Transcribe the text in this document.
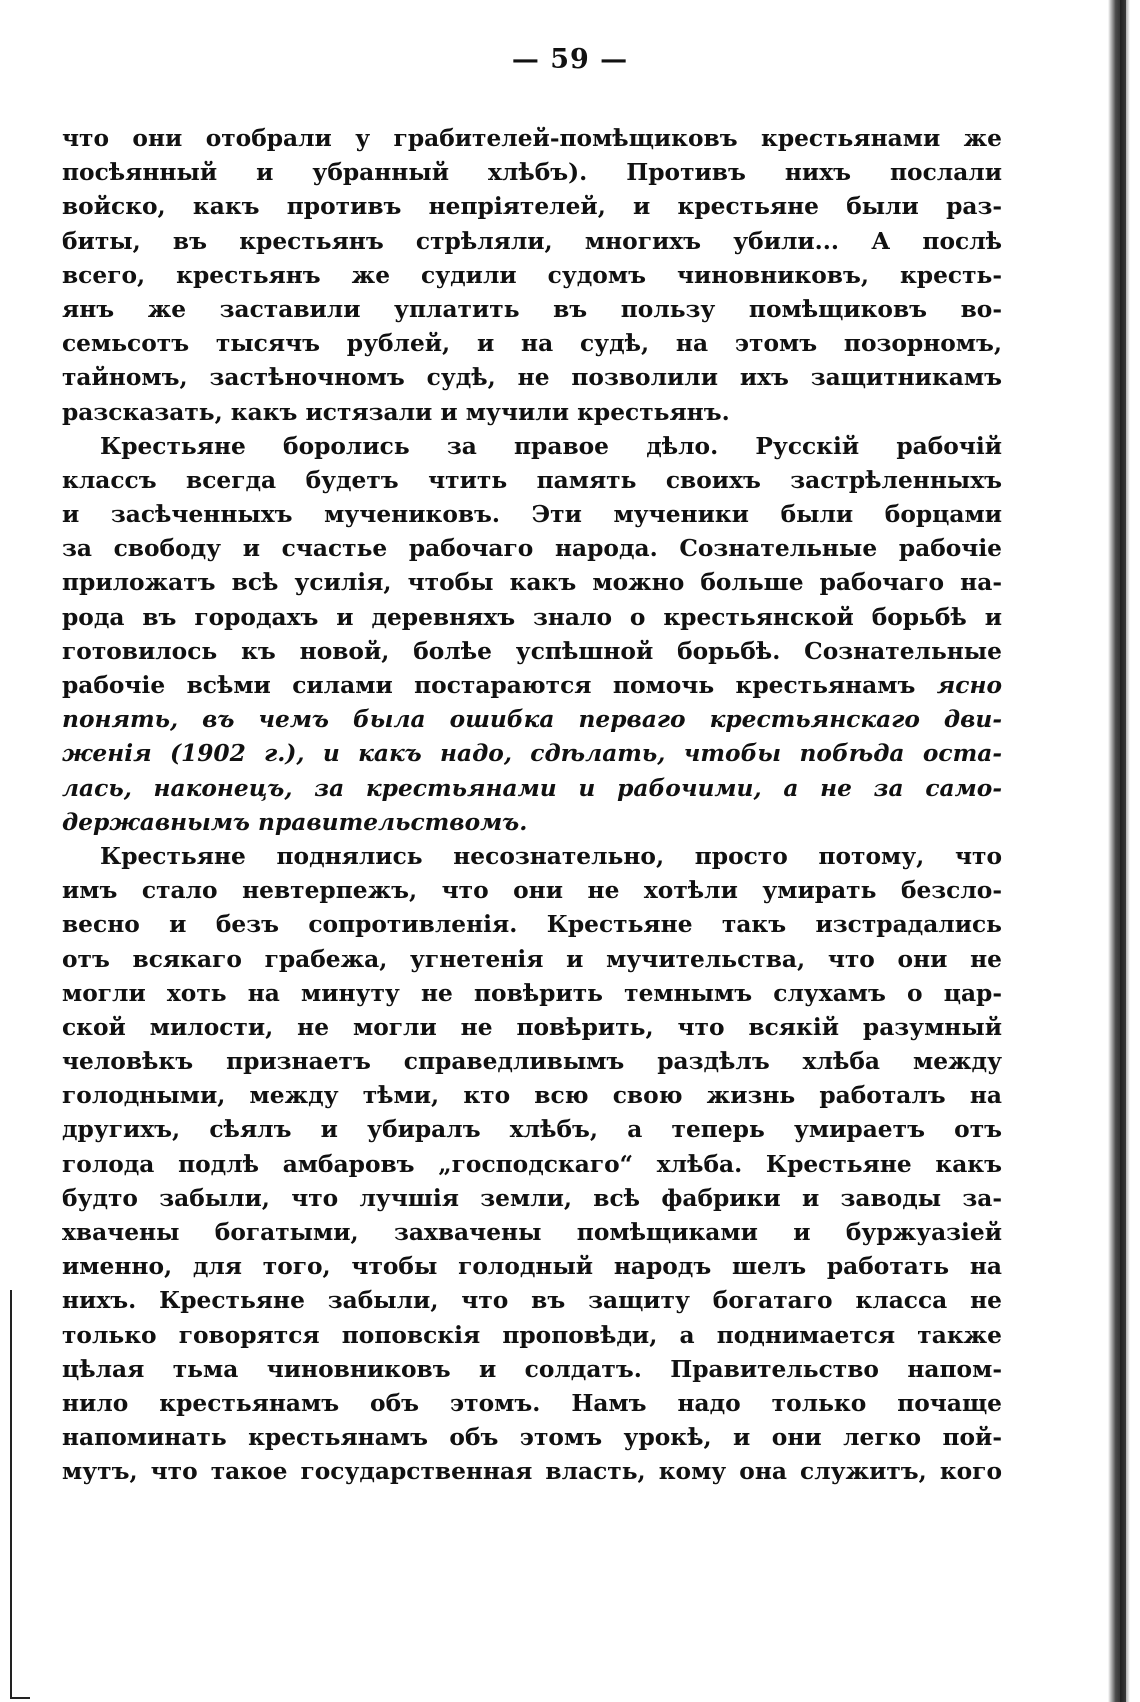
— 59 —
что они отобрали у грабителей-помѣщиковъ крестьянами же
посѣянный и убранный хлѣбъ). Противъ нихъ послали
войско, какъ противъ непріятелей, и крестьяне были раз-
биты, въ крестьянъ стрѣляли, многихъ убили... А послѣ
всего, крестьянъ же судили судомъ чиновниковъ, кресть-
янъ же заставили уплатить въ пользу помѣщиковъ во-
семьсотъ тысячъ рублей, и на судѣ, на этомъ позорномъ,
тайномъ, застѣночномъ судѣ, не позволили ихъ защитникамъ
разсказать, какъ истязали и мучили крестьянъ.
Крестьяне боролись за правое дѣло. Русскій рабочій
классъ всегда будетъ чтить память своихъ застрѣленныхъ
и засѣченныхъ мучениковъ. Эти мученики были борцами
за свободу и счастье рабочаго народа. Сознательные рабочіе
приложатъ всѣ усилія, чтобы какъ можно больше рабочаго на-
рода въ городахъ и деревняхъ знало о крестьянской борьбѣ и
готовилось къ новой, болѣе успѣшной борьбѣ. Сознательные
рабочіе всѣми силами постараются помочь крестьянамъ ясно
понять, въ чемъ была ошибка перваго крестьянскаго дви-
женія (1902 г.), и какъ надо, сдѣлать, чтобы побѣда оста-
лась, наконецъ, за крестьянами и рабочими, а не за само-
державнымъ правительствомъ.
Крестьяне поднялись несознательно, просто потому, что
имъ стало невтерпежъ, что они не хотѣли умирать безсло-
весно и безъ сопротивленія. Крестьяне такъ изстрадались
отъ всякаго грабежа, угнетенія и мучительства, что они не
могли хоть на минуту не повѣрить темнымъ слухамъ о цар-
ской милости, не могли не повѣрить, что всякій разумный
человѣкъ признаетъ справедливымъ раздѣлъ хлѣба между
голодными, между тѣми, кто всю свою жизнь работалъ на
другихъ, сѣялъ и убиралъ хлѣбъ, а теперь умираетъ отъ
голода подлѣ амбаровъ „господскаго“ хлѣба. Крестьяне какъ
будто забыли, что лучшія земли, всѣ фабрики и заводы за-
хвачены богатыми, захвачены помѣщиками и буржуазіей
именно, для того, чтобы голодный народъ шелъ работать на
нихъ. Крестьяне забыли, что въ защиту богатаго класса не
только говорятся поповскія проповѣди, а поднимается также
цѣлая тьма чиновниковъ и солдатъ. Правительство напом-
нило крестьянамъ объ этомъ. Намъ надо только почаще
напоминать крестьянамъ объ этомъ урокѣ, и они легко пой-
мутъ, что такое государственная власть, кому она служитъ, кого
